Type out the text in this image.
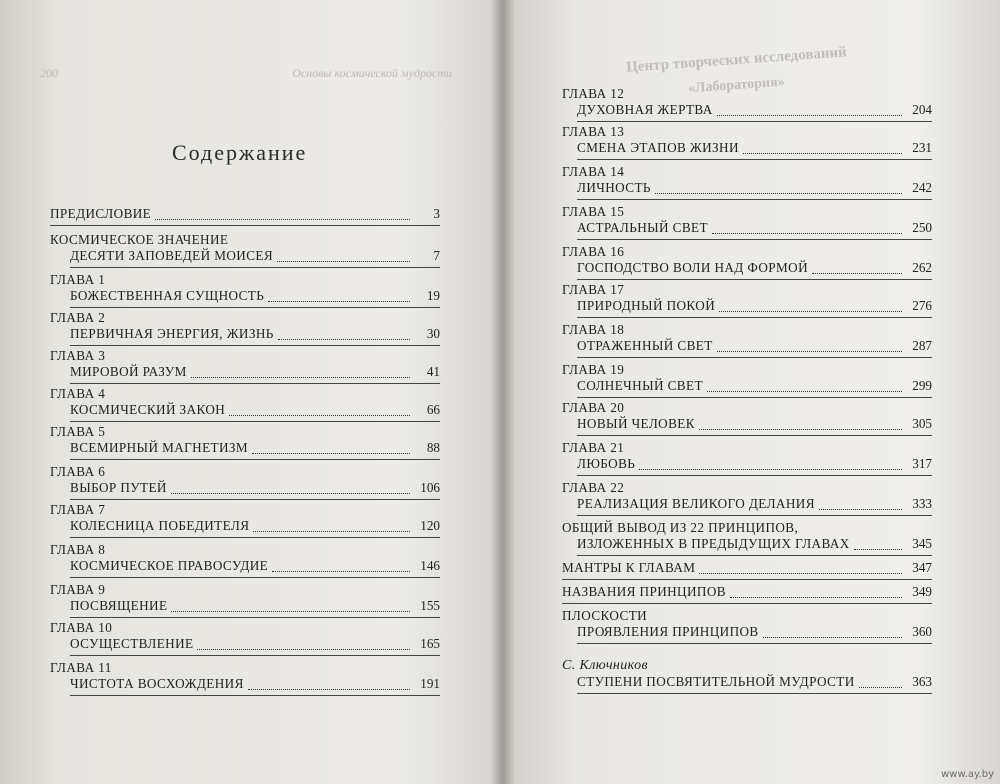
200	Основы космической мудрости
Содержание
ПРЕДИСЛОВИЕ	3
КОСМИЧЕСКОЕ ЗНАЧЕНИЕ
ДЕСЯТИ ЗАПОВЕДЕЙ МОИСЕЯ	7
ГЛАВА 1
БОЖЕСТВЕННАЯ СУЩНОСТЬ	19
ГЛАВА 2
ПЕРВИЧНАЯ ЭНЕРГИЯ, ЖИЗНЬ	30
ГЛАВА 3
МИРОВОЙ РАЗУМ	41
ГЛАВА 4
КОСМИЧЕСКИЙ ЗАКОН	66
ГЛАВА 5
ВСЕМИРНЫЙ МАГНЕТИЗМ	88
ГЛАВА 6
ВЫБОР ПУТЕЙ	106
ГЛАВА 7
КОЛЕСНИЦА ПОБЕДИТЕЛЯ	120
ГЛАВА 8
КОСМИЧЕСКОЕ ПРАВОСУДИЕ	146
ГЛАВА 9
ПОСВЯЩЕНИЕ	155
ГЛАВА 10
ОСУЩЕСТВЛЕНИЕ	165
ГЛАВА 11
ЧИСТОТА ВОСХОЖДЕНИЯ	191
Центр творческих исследований
«Лаборатория»
ГЛАВА 12
ДУХОВНАЯ ЖЕРТВА	204
ГЛАВА 13
СМЕНА ЭТАПОВ ЖИЗНИ	231
ГЛАВА 14
ЛИЧНОСТЬ	242
ГЛАВА 15
АСТРАЛЬНЫЙ СВЕТ	250
ГЛАВА 16
ГОСПОДСТВО ВОЛИ НАД ФОРМОЙ	262
ГЛАВА 17
ПРИРОДНЫЙ ПОКОЙ	276
ГЛАВА 18
ОТРАЖЕННЫЙ СВЕТ	287
ГЛАВА 19
СОЛНЕЧНЫЙ СВЕТ	299
ГЛАВА 20
НОВЫЙ ЧЕЛОВЕК	305
ГЛАВА 21
ЛЮБОВЬ	317
ГЛАВА 22
РЕАЛИЗАЦИЯ ВЕЛИКОГО ДЕЛАНИЯ	333
ОБЩИЙ ВЫВОД ИЗ 22 ПРИНЦИПОВ,
ИЗЛОЖЕННЫХ В ПРЕДЫДУЩИХ ГЛАВАХ	345
МАНТРЫ К ГЛАВАМ	347
НАЗВАНИЯ ПРИНЦИПОВ	349
ПЛОСКОСТИ
ПРОЯВЛЕНИЯ ПРИНЦИПОВ	360
С. Ключников
СТУПЕНИ ПОСВЯТИТЕЛЬНОЙ МУДРОСТИ	363
www.ay.by
